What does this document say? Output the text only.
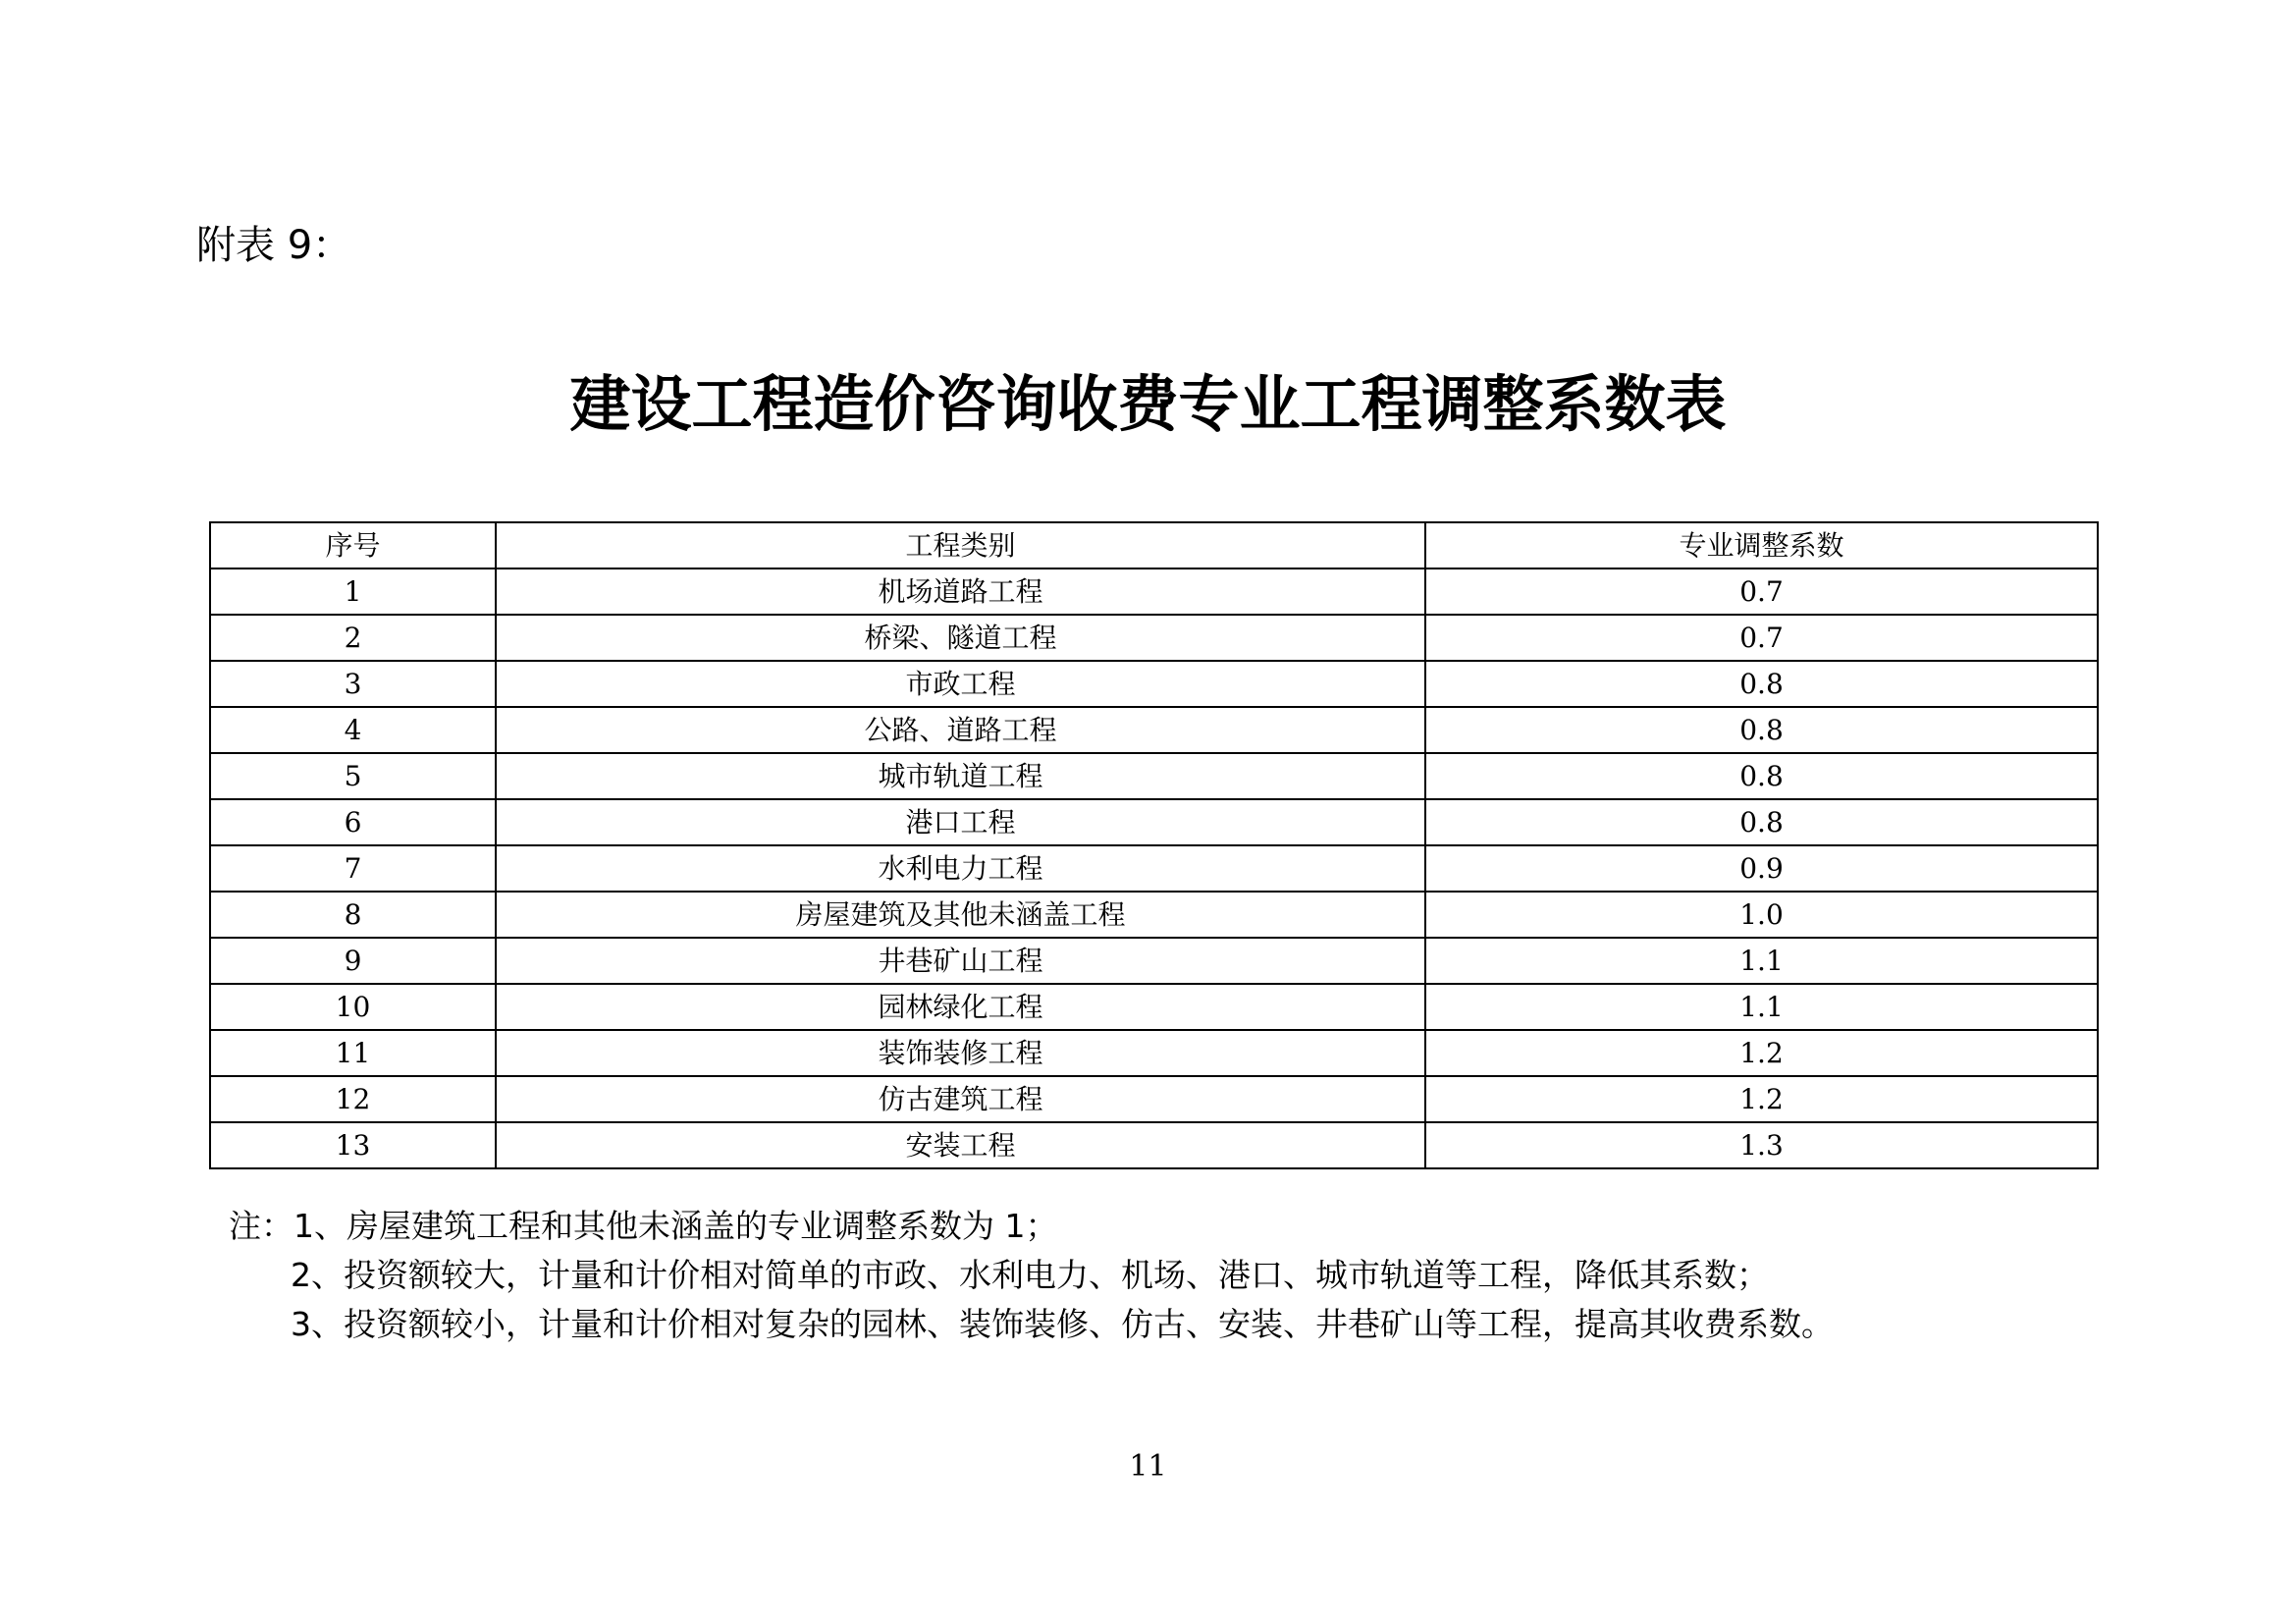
附表 9：
建设工程造价咨询收费专业工程调整系数表
序号	工程类别	专业调整系数
1	机场道路工程	0.7
2	桥梁、隧道工程	0.7
3	市政工程	0.8
4	公路、道路工程	0.8
5	城市轨道工程	0.8
6	港口工程	0.8
7	水利电力工程	0.9
8	房屋建筑及其他未涵盖工程	1.0
9	井巷矿山工程	1.1
10	园林绿化工程	1.1
11	装饰装修工程	1.2
12	仿古建筑工程	1.2
13	安装工程	1.3
注：1、房屋建筑工程和其他未涵盖的专业调整系数为 1；
2、投资额较大，计量和计价相对简单的市政、水利电力、机场、港口、城市轨道等工程，降低其系数；
3、投资额较小，计量和计价相对复杂的园林、装饰装修、仿古、安装、井巷矿山等工程，提高其收费系数。
11
